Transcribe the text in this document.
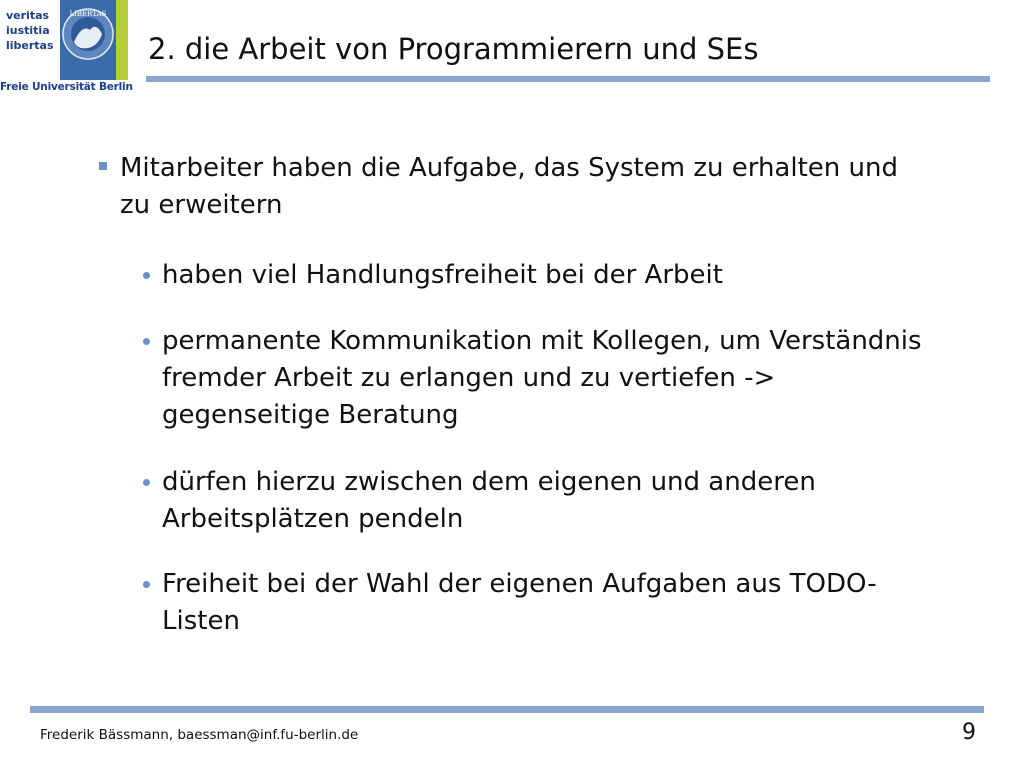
veritas
iustitia
libertas
LIBERTAS
Freie Universität Berlin
2. die Arbeit von Programmierern und SEs
Mitarbeiter haben die Aufgabe, das System zu erhalten und zu erweitern
haben viel Handlungsfreiheit bei der Arbeit
permanente Kommunikation mit Kollegen, um Verständnis fremder Arbeit zu erlangen und zu vertiefen -> gegenseitige Beratung
dürfen hierzu zwischen dem eigenen und anderen Arbeitsplätzen pendeln
Freiheit bei der Wahl der eigenen Aufgaben aus TODO-Listen
Frederik Bässmann, baessman@inf.fu-berlin.de	9
